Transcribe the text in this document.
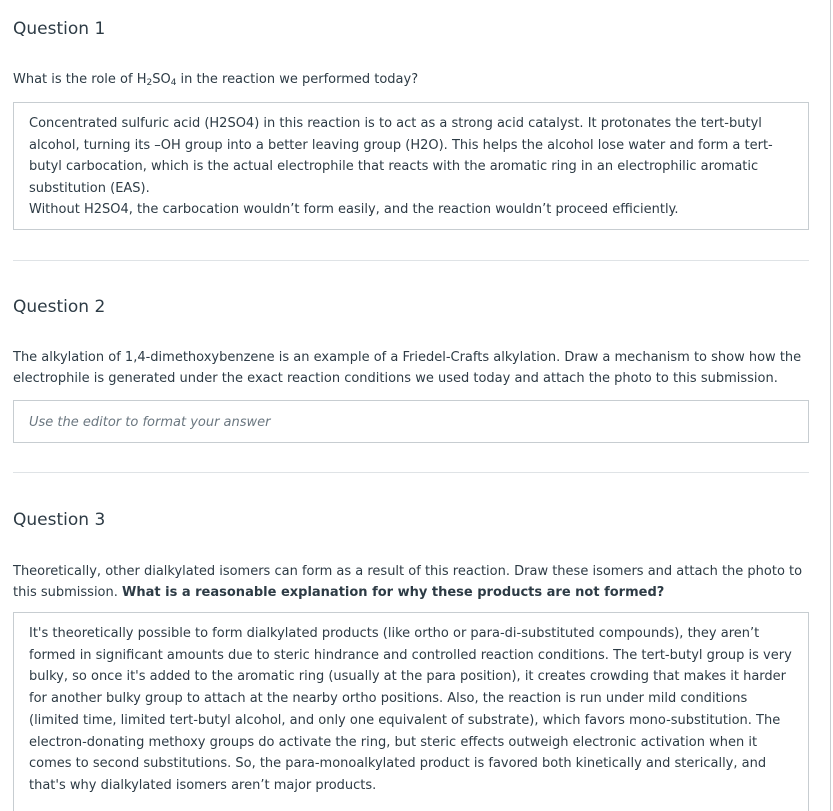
Question 1

What is the role of $H_2SO_4$ in the reaction we performed today?

Concentrated sulfuric acid (H2SO4) in this reaction is to act as a strong acid catalyst. It protonates the tert-butyl alcohol, turning its –OH group into a better leaving group (H2O). This helps the alcohol lose water and form a tert-butyl carbocation, which is the actual electrophile that reacts with the aromatic ring in an electrophilic aromatic substitution (EAS).

Without H2SO4, the carbocation wouldn’t form easily, and the reaction wouldn’t proceed efficiently.

Question 2

The alkylation of 1,4-dimethoxybenzene is an example of a Friedel-Crafts alkylation. Draw a mechanism to show how the electrophile is generated under the exact reaction conditions we used today and attach the photo to this submission.

Use the editor to format your answer
Question 3

Theoretically, other dialkylated isomers can form as a result of this reaction. Draw these isomers and attach the photo to this submission. What is a reasonable explanation for why these products are not formed?

It's theoretically possible to form dialkylated products (like ortho or para-di-substituted compounds), they aren’t formed in significant amounts due to steric hindrance and controlled reaction conditions. The tert-butyl group is very bulky, so once it's added to the aromatic ring (usually at the para position), it creates crowding that makes it harder for another bulky group to attach at the nearby ortho positions. Also, the reaction is run under mild conditions (limited time, limited tert-butyl alcohol, and only one equivalent of substrate), which favors mono-substitution. The electron-donating methoxy groups do activate the ring, but steric effects outweigh electronic activation when it comes to second substitutions. So, the para-monoalkylated product is favored both kinetically and sterically, and that's why dialkylated isomers aren’t major products.
